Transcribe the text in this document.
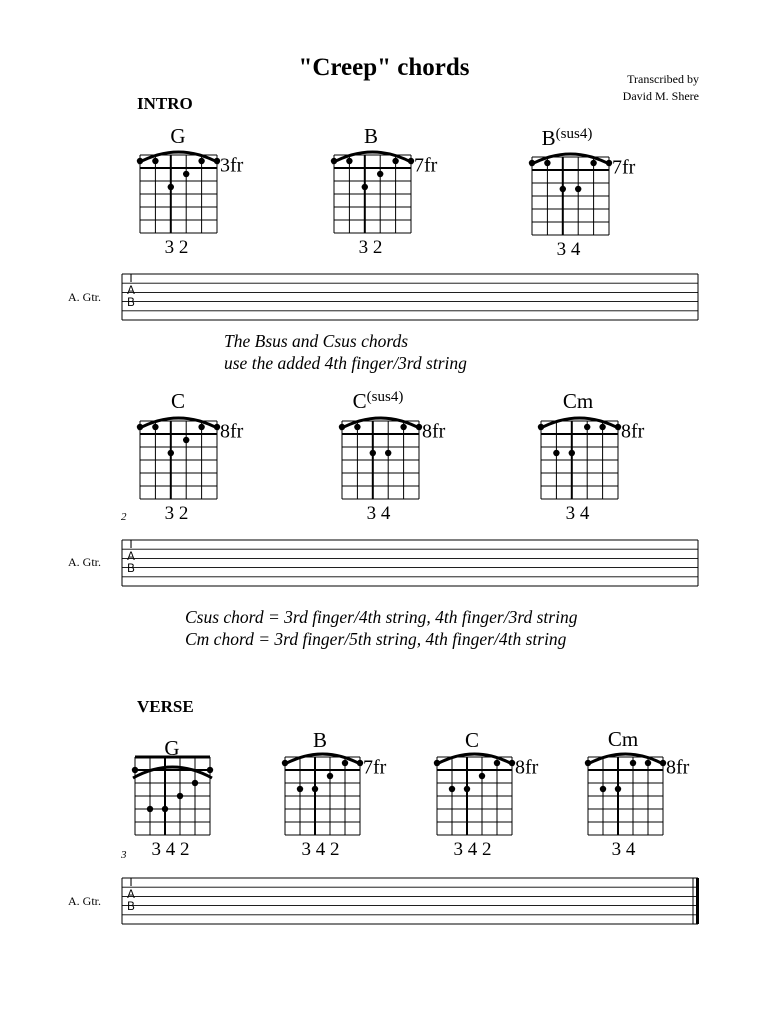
"Creep" chords	Transcribed by
David M. Shere
INTRO
VERSE
The Bsus and Csus chords
use the added 4th finger/3rd string
Csus chord = 3rd finger/4th string, 4th finger/3rd string
Cm chord = 3rd finger/5th string, 4th finger/4th string
2
3
A. Gtr.
A. Gtr.
A. Gtr.
G
3fr
3 2
B
7fr
3 2
$B^{(sus4)}$
7fr
3 4
C
8fr
3 2
$C^{(sus4)}$
8fr
3 4
Cm
8fr
3 4
G
3 4 2
B
7fr
3 4 2
C
8fr
3 4 2
Cm
8fr
3 4
T
A
B
T
A
B
T
A
B
